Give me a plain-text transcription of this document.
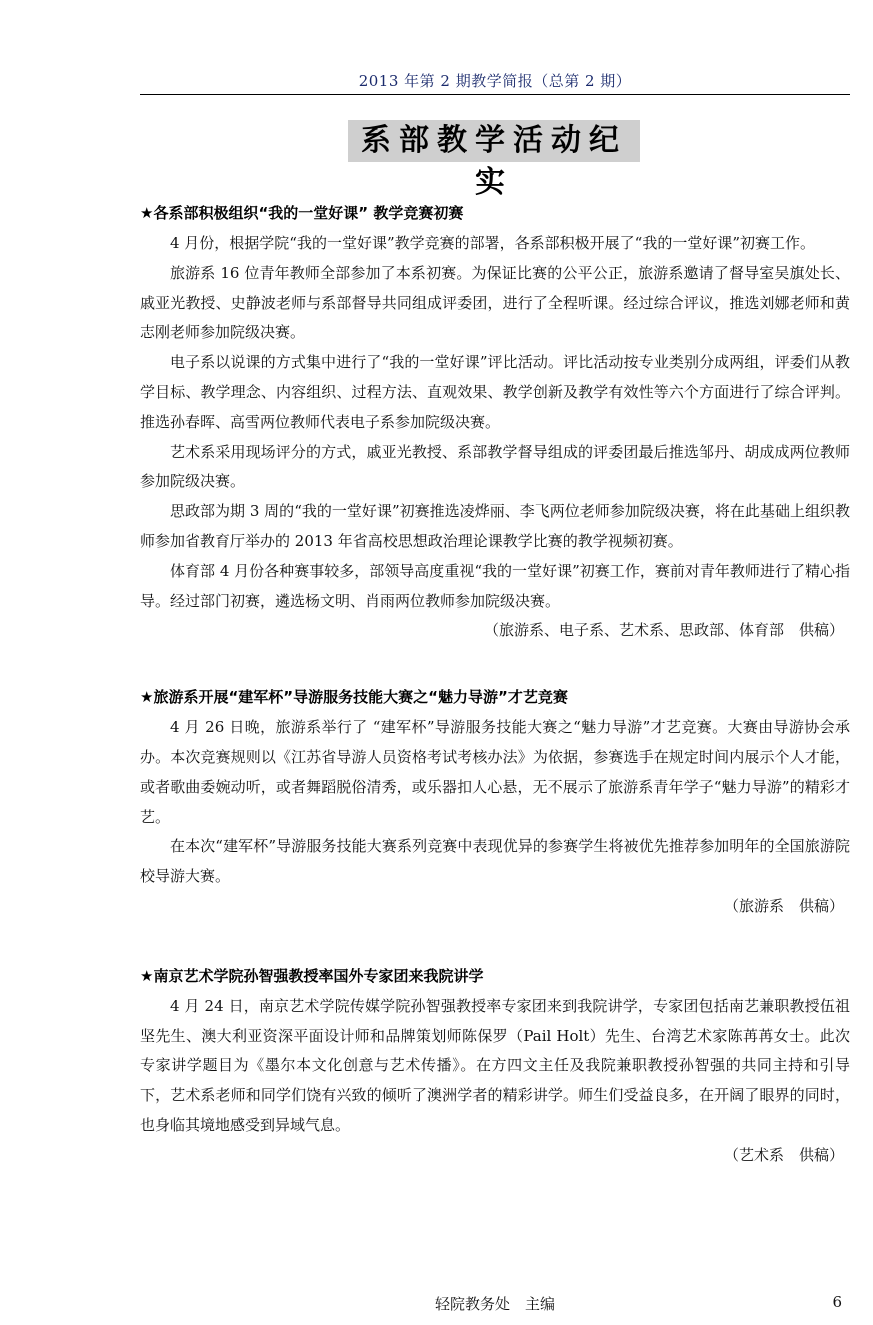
2013 年第 2 期教学简报（总第 2 期）
系部教学活动纪实

★各系部积极组织“我的一堂好课” 教学竞赛初赛

4 月份，根据学院“我的一堂好课”教学竞赛的部署，各系部积极开展了“我的一堂好课”初赛工作。

旅游系 16 位青年教师全部参加了本系初赛。为保证比赛的公平公正，旅游系邀请了督导室吴旗处长、戚亚光教授、史静波老师与系部督导共同组成评委团，进行了全程听课。经过综合评议，推选刘娜老师和黄志刚老师参加院级决赛。

电子系以说课的方式集中进行了“我的一堂好课”评比活动。评比活动按专业类别分成两组，评委们从教学目标、教学理念、内容组织、过程方法、直观效果、教学创新及教学有效性等六个方面进行了综合评判。推选孙春晖、高雪两位教师代表电子系参加院级决赛。

艺术系采用现场评分的方式，戚亚光教授、系部教学督导组成的评委团最后推选邹丹、胡成成两位教师参加院级决赛。

思政部为期 3 周的“我的一堂好课”初赛推选凌烨丽、李飞两位老师参加院级决赛，将在此基础上组织教师参加省教育厅举办的 2013 年省高校思想政治理论课教学比赛的教学视频初赛。

体育部 4 月份各种赛事较多，部领导高度重视“我的一堂好课”初赛工作，赛前对青年教师进行了精心指导。经过部门初赛，遴选杨文明、肖雨两位教师参加院级决赛。

（旅游系、电子系、艺术系、思政部、体育部　供稿）

★旅游系开展“建军杯”导游服务技能大赛之“魅力导游”才艺竞赛

4 月 26 日晚，旅游系举行了 “建军杯”导游服务技能大赛之“魅力导游”才艺竞赛。大赛由导游协会承办。本次竞赛规则以《江苏省导游人员资格考试考核办法》为依据，参赛选手在规定时间内展示个人才能，或者歌曲委婉动听，或者舞蹈脱俗清秀，或乐器扣人心悬，无不展示了旅游系青年学子“魅力导游”的精彩才艺。

在本次“建军杯”导游服务技能大赛系列竞赛中表现优异的参赛学生将被优先推荐参加明年的全国旅游院校导游大赛。

（旅游系　供稿）

★南京艺术学院孙智强教授率国外专家团来我院讲学

4 月 24 日，南京艺术学院传媒学院孙智强教授率专家团来到我院讲学，专家团包括南艺兼职教授伍祖坚先生、澳大利亚资深平面设计师和品牌策划师陈保罗（Pail Holt）先生、台湾艺术家陈苒苒女士。此次专家讲学题目为《墨尔本文化创意与艺术传播》。在方四文主任及我院兼职教授孙智强的共同主持和引导下，艺术系老师和同学们饶有兴致的倾听了澳洲学者的精彩讲学。师生们受益良多，在开阔了眼界的同时，也身临其境地感受到异域气息。

（艺术系　供稿）

轻院教务处　主编	6
